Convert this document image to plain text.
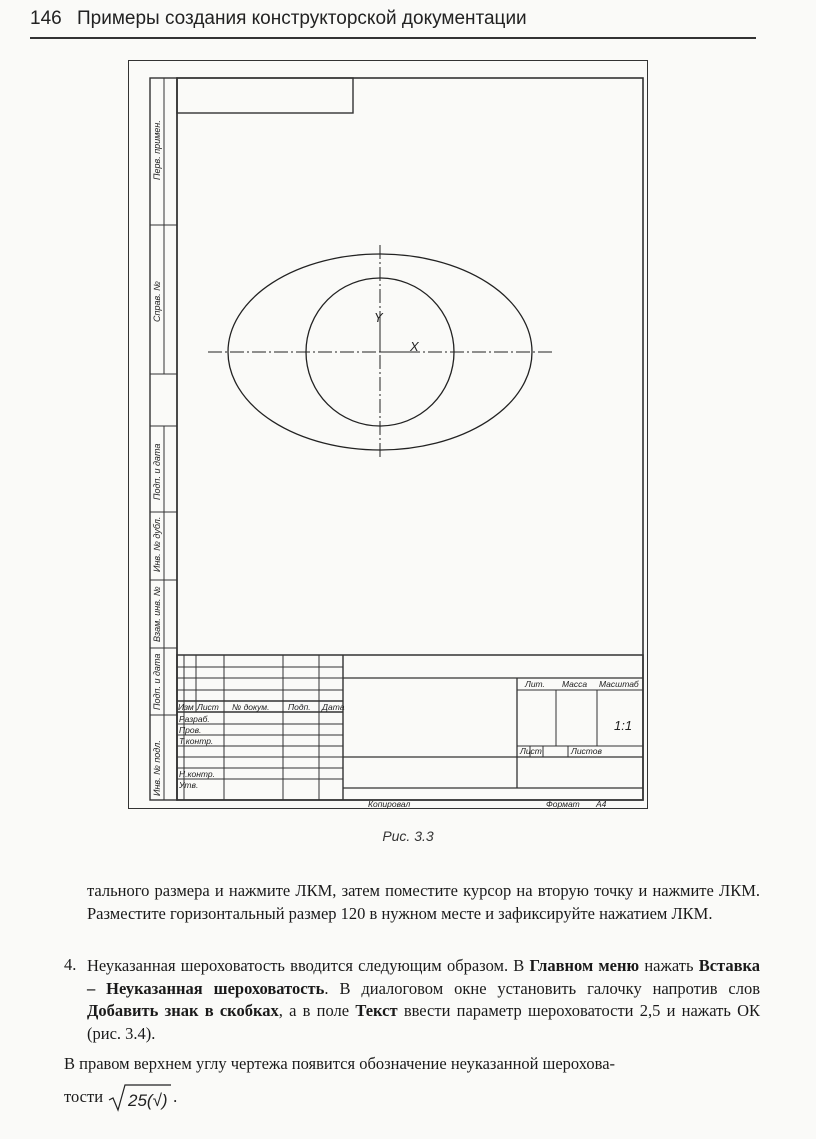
146 Примеры создания конструкторской документации
Перв. примен.
Справ. №
Подп. и дата
Инв. № дубл.
Взам. инв. №
Подп. и дата
Инв. № подл.
Y
X
Изм Лист № докум. Подп. Дата
Разраб.
Пров.
Т.контр.
Н.контр.
Утв.
Лит. Масса Масштаб
Лист	Листов
Копировал	Формат A4
1:1
Рис. 3.3
тального размера и нажмите ЛКМ, затем поместите курсор на вторую точку и нажмите ЛКМ. Разместите горизонтальный размер 120 в нужном месте и зафиксируйте нажатием ЛКМ.
4. Неуказанная шероховатость вводится следующим образом. В Главном меню нажать Вставка – Неуказанная шероховатость. В диалоговом окне установить галочку напротив слов Добавить знак в скобках, а в поле Текст ввести параметр шероховатости 2,5 и нажать ОК (рис. 3.4).
В правом верхнем углу чертежа появится обозначение неуказанной шерохова-
тости 25(√) .
